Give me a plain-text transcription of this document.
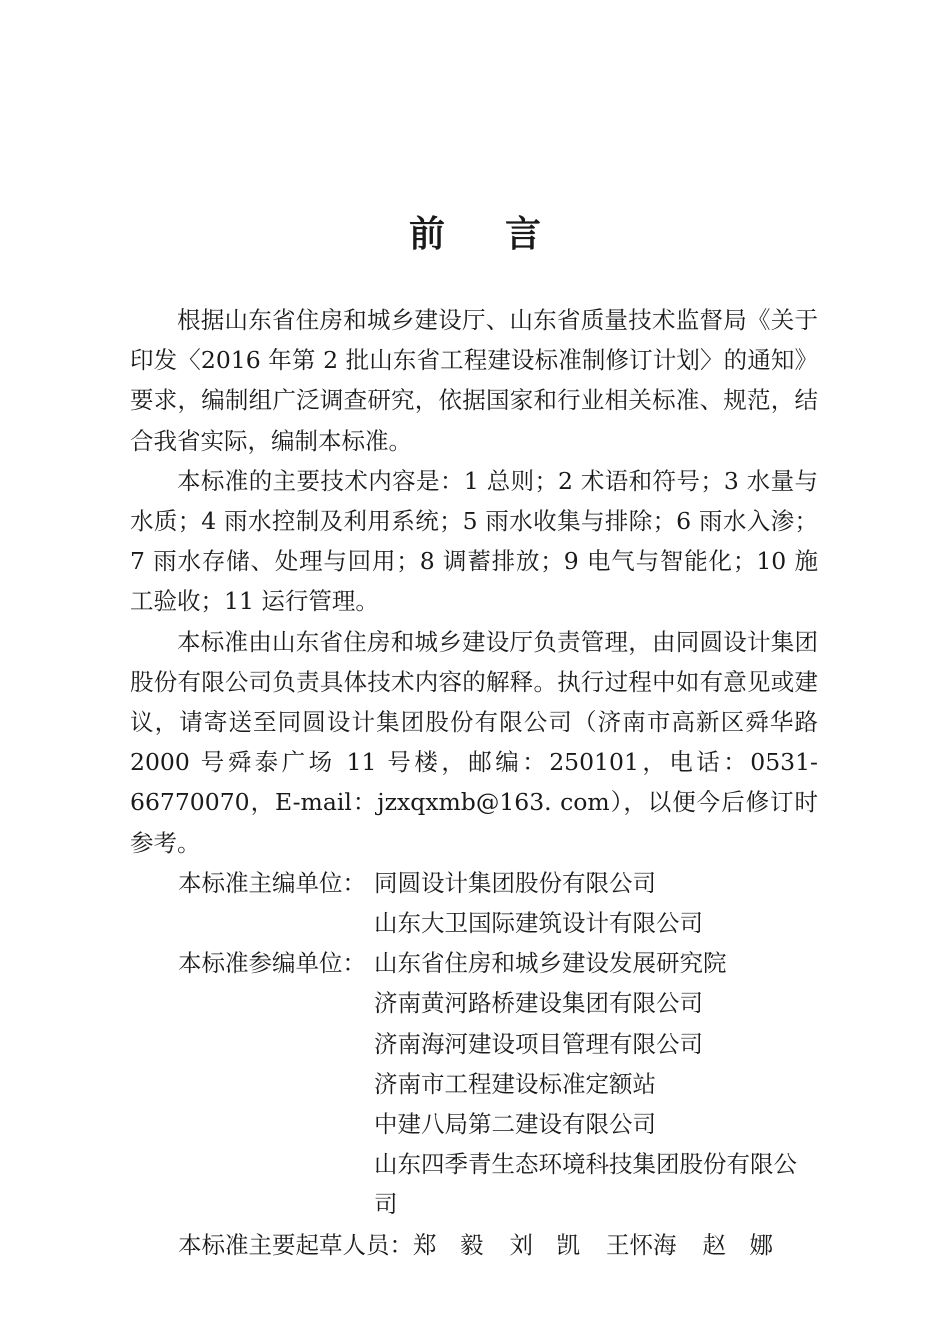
前 言

根据山东省住房和城乡建设厅、山东省质量技术监督局《关于印发〈2016 年第 2 批山东省工程建设标准制修订计划〉的通知》要求，编制组广泛调查研究，依据国家和行业相关标准、规范，结合我省实际，编制本标准。

本标准的主要技术内容是：1 总则；2 术语和符号；3 水量与水质；4 雨水控制及利用系统；5 雨水收集与排除；6 雨水入渗；7 雨水存储、处理与回用；8 调蓄排放；9 电气与智能化；10 施工验收；11 运行管理。

本标准由山东省住房和城乡建设厅负责管理，由同圆设计集团股份有限公司负责具体技术内容的解释。执行过程中如有意见或建议，请寄送至同圆设计集团股份有限公司（济南市高新区舜华路 2000 号舜泰广场 11 号楼，邮编：250101，电话：0531-66770070，E-mail：jzxqxmb@163. com），以便今后修订时参考。

本标准主编单位： 同圆设计集团股份有限公司
山东大卫国际建筑设计有限公司
本标准参编单位： 山东省住房和城乡建设发展研究院
济南黄河路桥建设集团有限公司
济南海河建设项目管理有限公司
济南市工程建设标准定额站
中建八局第二建设有限公司
山东四季青生态环境科技集团股份有限公司
本标准主要起草人员： 郑　毅 刘　凯 王怀海 赵　娜
